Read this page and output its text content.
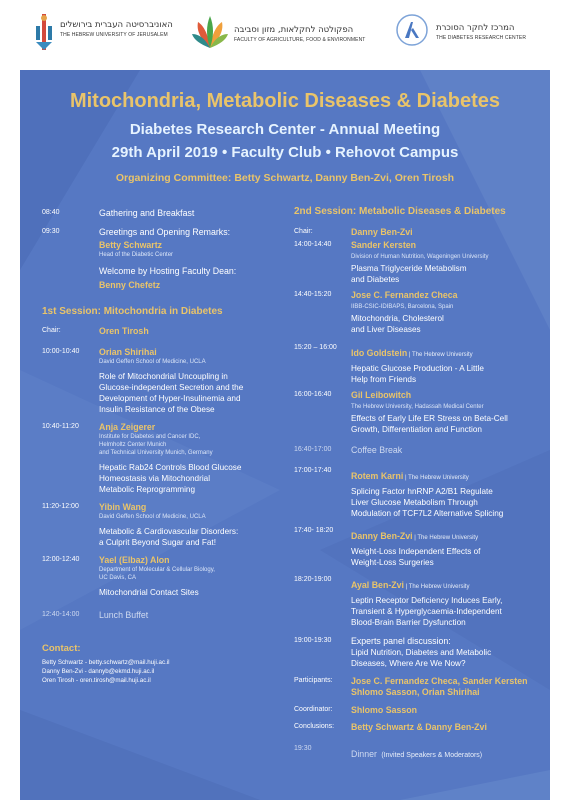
האוניברסיטה העברית בירושלים
THE HEBREW UNIVERSITY OF JERUSALEM	הפקולטה לחקלאות, מזון וסביבה
FACULTY OF AGRICULTURE, FOOD & ENVIRONMENT
המרכז לחקר הסוכרת
THE DIABETES RESEARCH CENTER
Mitochondria, Metabolic Diseases & Diabetes
Diabetes Research Center - Annual Meeting
29th April 2019 • Faculty Club • Rehovot Campus
Organizing Committee: Betty Schwartz, Danny Ben-Zvi, Oren Tirosh
08:40	Gathering and Breakfast
09:30	Greetings and Opening Remarks:
Betty Schwartz
Head of the Diabetic Center
Welcome by Hosting Faculty Dean:
Benny Chefetz
1st Session: Mitochondria in Diabetes
Chair:	Oren Tirosh
10:00-10:40 Orian Shirihai
David Geffen School of Medicine, UCLA
Role of Mitochondrial Uncoupling in
Glucose-independent Secretion and the
Development of Hyper-Insulinemia and
Insulin Resistance of the Obese
10:40-11:20 Anja Zeigerer
Institute for Diabetes and Cancer IDC,
Helmholtz Center Munich
and Technical University Munich, Germany
Hepatic Rab24 Controls Blood Glucose
Homeostasis via Mitochondrial
Metabolic Reprogramming
11:20-12:00 Yibin Wang
David Geffen School of Medicine, UCLA
Metabolic & Cardiovascular Disorders:
a Culprit Beyond Sugar and Fat!
12:00-12:40 Yael (Elbaz) Alon
Department of Molecular & Cellular Biology,
UC Davis, CA
Mitochondrial Contact Sites
12:40-14:00 Lunch Buffet
Contact:
Betty Schwartz - betty.schwartz@mail.huji.ac.il
Danny Ben-Zvi - dannyb@ekmd.huji.ac.il
Oren Tirosh - oren.tirosh@mail.huji.ac.il
2nd Session: Metabolic Diseases & Diabetes
Chair:	Danny Ben-Zvi
14:00-14:40 Sander Kersten
Division of Human Nutrition, Wageningen University
Plasma Triglyceride Metabolism
and Diabetes
14:40-15:20 Jose C. Fernandez Checa
IIBB-CSIC-IDIBAPS, Barcelona, Spain
Mitochondria, Cholesterol
and Liver Diseases
15:20 – 16:00
Ido Goldstein | The Hebrew University
Hepatic Glucose Production - A Little
Help from Friends
16:00-16:40 Gil Leibowitch
The Hebrew University, Hadassah Medical Center
Effects of Early Life ER Stress on Beta-Cell
Growth, Differentiation and Function
16:40-17:00 Coffee Break
17:00-17:40
Rotem Karni | The Hebrew University
Splicing Factor hnRNP A2/B1 Regulate
Liver Glucose Metabolism Through
Modulation of TCF7L2 Alternative Splicing
17:40- 18:20
Danny Ben-Zvi | The Hebrew University
Weight-Loss Independent Effects of
Weight-Loss Surgeries
18:20-19:00
Ayal Ben-Zvi | The Hebrew University
Leptin Receptor Deficiency Induces Early,
Transient & Hyperglycaemia-Independent
Blood-Brain Barrier Dysfunction
19:00-19:30 Experts panel discussion:
Lipid Nutrition, Diabetes and Metabolic
Diseases, Where Are We Now?
Participants: Jose C. Fernandez Checa, Sander Kersten
Shlomo Sasson, Orian Shirihai
Coordinator: Shlomo Sasson
Conclusions: Betty Schwartz & Danny Ben-Zvi
19:30
Dinner (Invited Speakers & Moderators)
